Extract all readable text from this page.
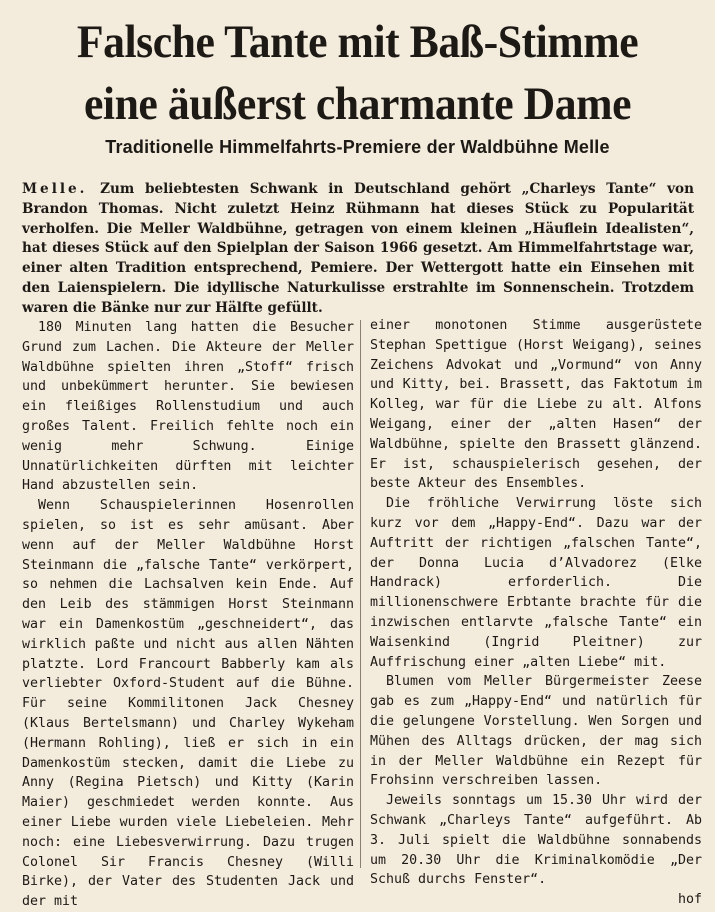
Falsche Tante mit Baß-Stimme
eine äußerst charmante Dame
Traditionelle Himmelfahrts-Premiere der Waldbühne Melle
Melle. Zum beliebtesten Schwank in Deutschland gehört „Charleys Tante“ von Brandon Thomas. Nicht zuletzt Heinz Rühmann hat dieses Stück zu Popularität verholfen. Die Meller Waldbühne, getragen von einem kleinen „Häuflein Idealisten“, hat dieses Stück auf den Spielplan der Saison 1966 gesetzt. Am Himmelfahrtstage war, einer alten Tradition entsprechend, Pemiere. Der Wettergott hatte ein Einsehen mit den Laienspielern. Die idyllische Naturkulisse erstrahlte im Sonnenschein. Trotzdem waren die Bänke nur zur Hälfte gefüllt.

180 Minuten lang hatten die Besucher Grund zum Lachen. Die Akteure der Meller Waldbühne spielten ihren „Stoff“ frisch und unbekümmert herunter. Sie bewiesen ein fleißiges Rollenstudium und auch großes Talent. Freilich fehlte noch ein wenig mehr Schwung. Einige Unnatürlichkeiten dürften mit leichter Hand abzustellen sein.

Wenn Schauspielerinnen Hosenrollen spielen, so ist es sehr amüsant. Aber wenn auf der Meller Waldbühne Horst Steinmann die „falsche Tante“ verkörpert, so nehmen die Lachsalven kein Ende. Auf den Leib des stämmigen Horst Steinmann war ein Damenkostüm „geschneidert“, das wirklich paßte und nicht aus allen Nähten platzte. Lord Francourt Babberly kam als verliebter Oxford-Student auf die Bühne. Für seine Kommilitonen Jack Chesney (Klaus Bertelsmann) und Charley Wykeham (Hermann Rohling), ließ er sich in ein Damenkostüm stecken, damit die Liebe zu Anny (Regina Pietsch) und Kitty (Karin Maier) geschmiedet werden konnte. Aus einer Liebe wurden viele Liebeleien. Mehr noch: eine Liebesverwirrung. Dazu trugen Colonel Sir Francis Chesney (Willi Birke), der Vater des Studenten Jack und der mit

einer monotonen Stimme ausgerüstete Stephan Spettigue (Horst Weigang), seines Zeichens Advokat und „Vormund“ von Anny und Kitty, bei. Brassett, das Faktotum im Kolleg, war für die Liebe zu alt. Alfons Weigang, einer der „alten Hasen“ der Waldbühne, spielte den Brassett glänzend. Er ist, schauspielerisch gesehen, der beste Akteur des Ensembles.

Die fröhliche Verwirrung löste sich kurz vor dem „Happy-End“. Dazu war der Auftritt der richtigen „falschen Tante“, der Donna Lucia d’Alvadorez (Elke Handrack) erforderlich. Die millionenschwere Erbtante brachte für die inzwischen entlarvte „falsche Tante“ ein Waisenkind (Ingrid Pleitner) zur Auffrischung einer „alten Liebe“ mit.

Blumen vom Meller Bürgermeister Zeese gab es zum „Happy-End“ und natürlich für die gelungene Vorstellung. Wen Sorgen und Mühen des Alltags drücken, der mag sich in der Meller Waldbühne ein Rezept für Frohsinn verschreiben lassen.

Jeweils sonntags um 15.30 Uhr wird der Schwank „Charleys Tante“ aufgeführt. Ab 3. Juli spielt die Waldbühne sonnabends um 20.30 Uhr die Kriminalkomödie „Der Schuß durchs Fenster“.

hof
